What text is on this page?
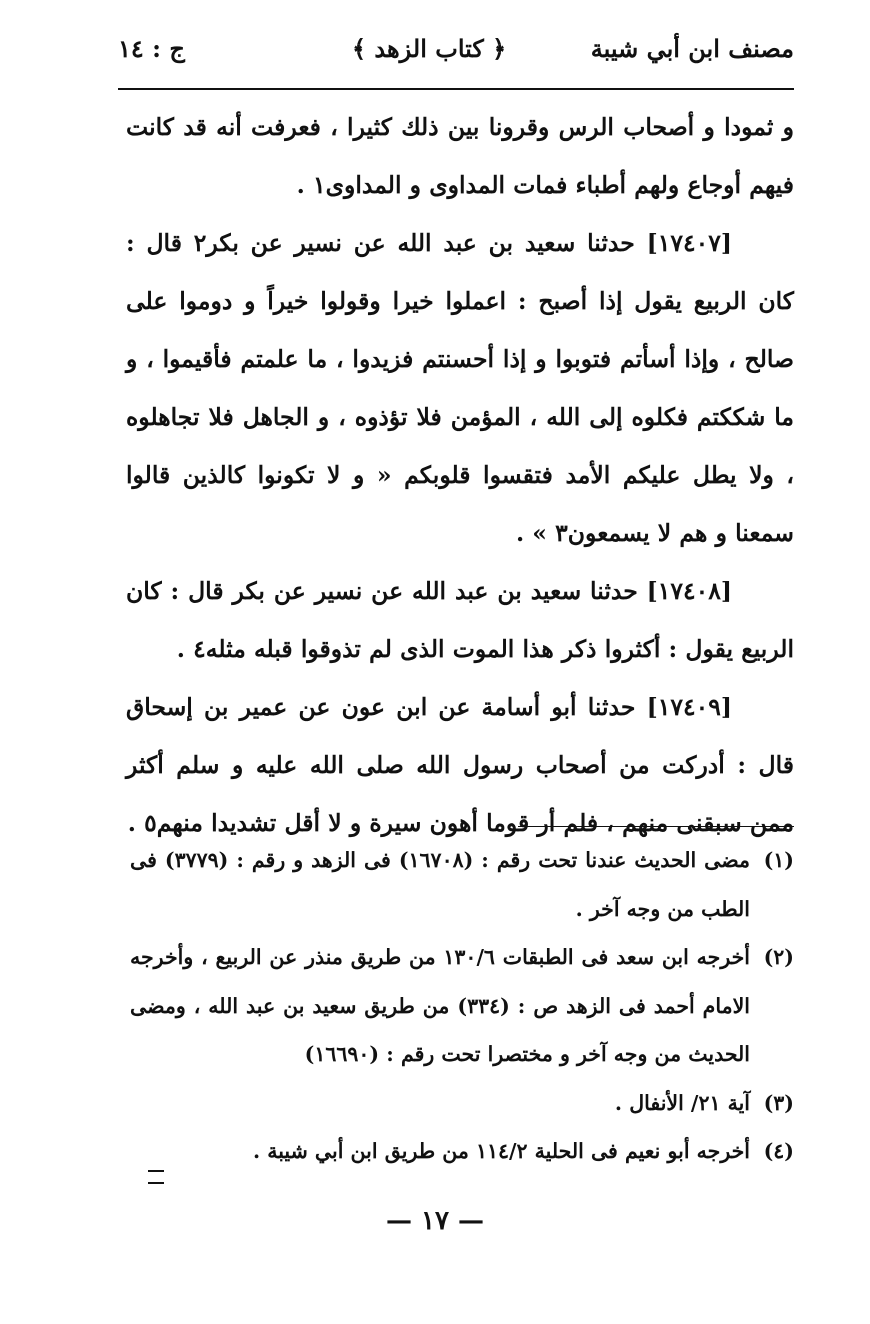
مصنف ابن أبي شيبة
﴿ كتاب الزهد ﴾
ج : ١٤

و ثمودا و أصحاب الرس وقرونا بين ذلك كثيرا ، فعرفت أنه قد كانت فيهم أوجاع ولهم أطباء فمات المداوى و المداوى١ .

[١٧٤٠٧] حدثنا سعيد بن عبد الله عن نسير عن بكر٢ قال : كان الربيع يقول إذا أصبح : اعملوا خيرا وقولوا خيراً و دوموا على صالح ، وإذا أسأتم فتوبوا و إذا أحسنتم فزيدوا ، ما علمتم فأقيموا ، و ما شككتم فكلوه إلى الله ، المؤمن فلا تؤذوه ، و الجاهل فلا تجاهلوه ، ولا يطل عليكم الأمد فتقسوا قلوبكم « و لا تكونوا كالذين قالوا سمعنا و هم لا يسمعون٣ » .

[١٧٤٠٨] حدثنا سعيد بن عبد الله عن نسير عن بكر قال : كان الربيع يقول : أكثروا ذكر هذا الموت الذى لم تذوقوا قبله مثله٤ .

[١٧٤٠٩] حدثنا أبو أسامة عن ابن عون عن عمير بن إسحاق قال : أدركت من أصحاب رسول الله صلى الله عليه و سلم أكثر ممن سبقنى منهم ، فلم أر قوما أهون سيرة و لا أقل تشديدا منهم٥ .

(١)
مضى الحديث عندنا تحت رقم : (١٦٧٠٨) فى الزهد و رقم : (٣٧٧٩) فى الطب من وجه آخر .
(٢)
أخرجه ابن سعد فى الطبقات ١٣٠/٦ من طريق منذر عن الربيع ، وأخرجه الامام أحمد فى الزهد ص : (٣٣٤) من طريق سعيد بن عبد الله ، ومضى الحديث من وجه آخر و مختصرا تحت رقم : (١٦٦٩٠)
(٣)
آية ٢١/ الأنفال .
(٤)
أخرجه أبو نعيم فى الحلية ١١٤/٢ من طريق ابن أبي شيبة .
— ١٧ —
